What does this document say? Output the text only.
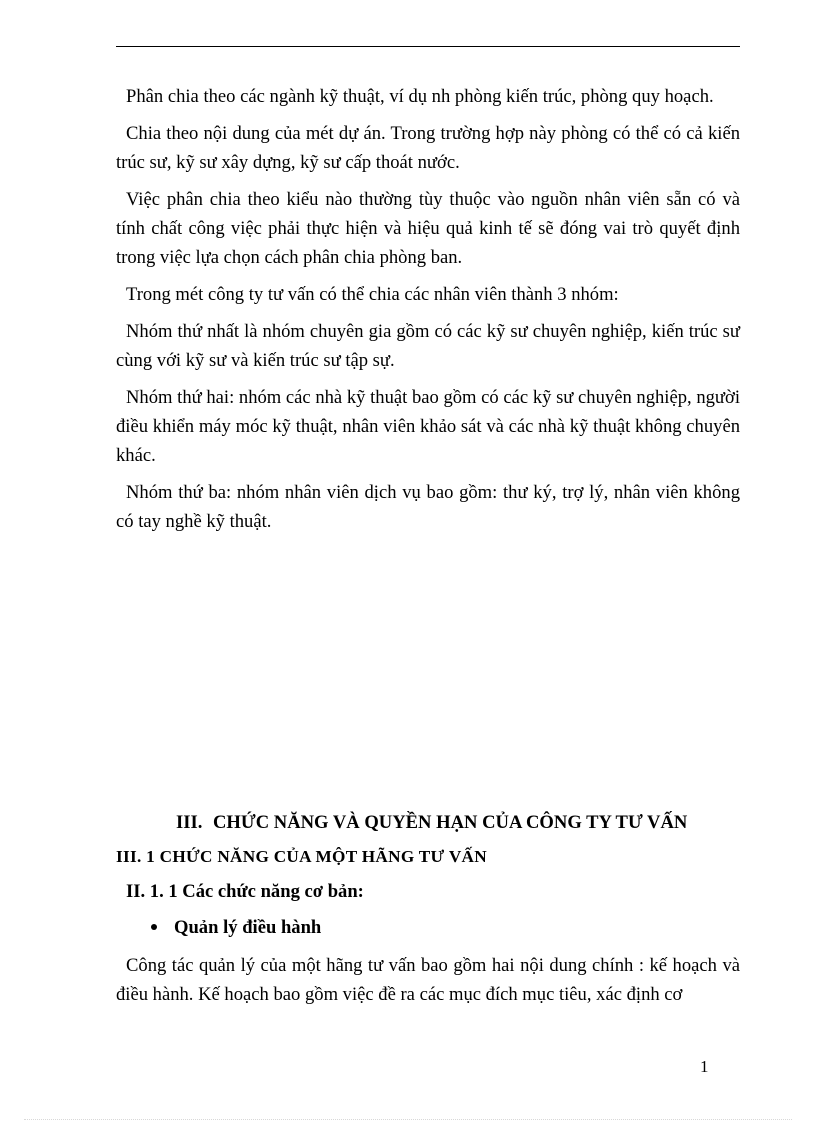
Phân chia theo các ngành kỹ thuật, ví dụ nh phòng kiến trúc, phòng quy hoạch.

Chia theo nội dung của mét dự án. Trong trường hợp này phòng có thể có cả kiến trúc sư, kỹ sư xây dựng, kỹ sư cấp thoát nước.

Việc phân chia theo kiểu nào thường tùy thuộc vào nguồn nhân viên sẵn có và tính chất công việc phải thực hiện và hiệu quả kinh tế sẽ đóng vai trò quyết định trong việc lựa chọn cách phân chia phòng ban.

Trong mét công ty tư vấn có thể chia các nhân viên thành 3 nhóm:

Nhóm thứ nhất là nhóm chuyên gia gồm có các kỹ sư chuyên nghiệp, kiến trúc sư cùng với kỹ sư và kiến trúc sư tập sự.

Nhóm thứ hai: nhóm các nhà kỹ thuật bao gồm có các kỹ sư chuyên nghiệp, người điều khiển máy móc kỹ thuật, nhân viên khảo sát và các nhà kỹ thuật không chuyên khác.

Nhóm thứ ba: nhóm nhân viên dịch vụ bao gồm: thư ký, trợ lý, nhân viên không có tay nghề kỹ thuật.

III. CHỨC NĂNG VÀ QUYỀN HẠN CỦA CÔNG TY TƯ VẤN
III. 1 CHỨC NĂNG CỦA MỘT HÃNG TƯ VẤN
II. 1. 1 Các chức năng cơ bản:
Quản lý điều hành

Công tác quản lý của một hãng tư vấn bao gồm hai nội dung chính : kế hoạch và điều hành. Kế hoạch bao gồm việc đề ra các mục đích mục tiêu, xác định cơ

1
